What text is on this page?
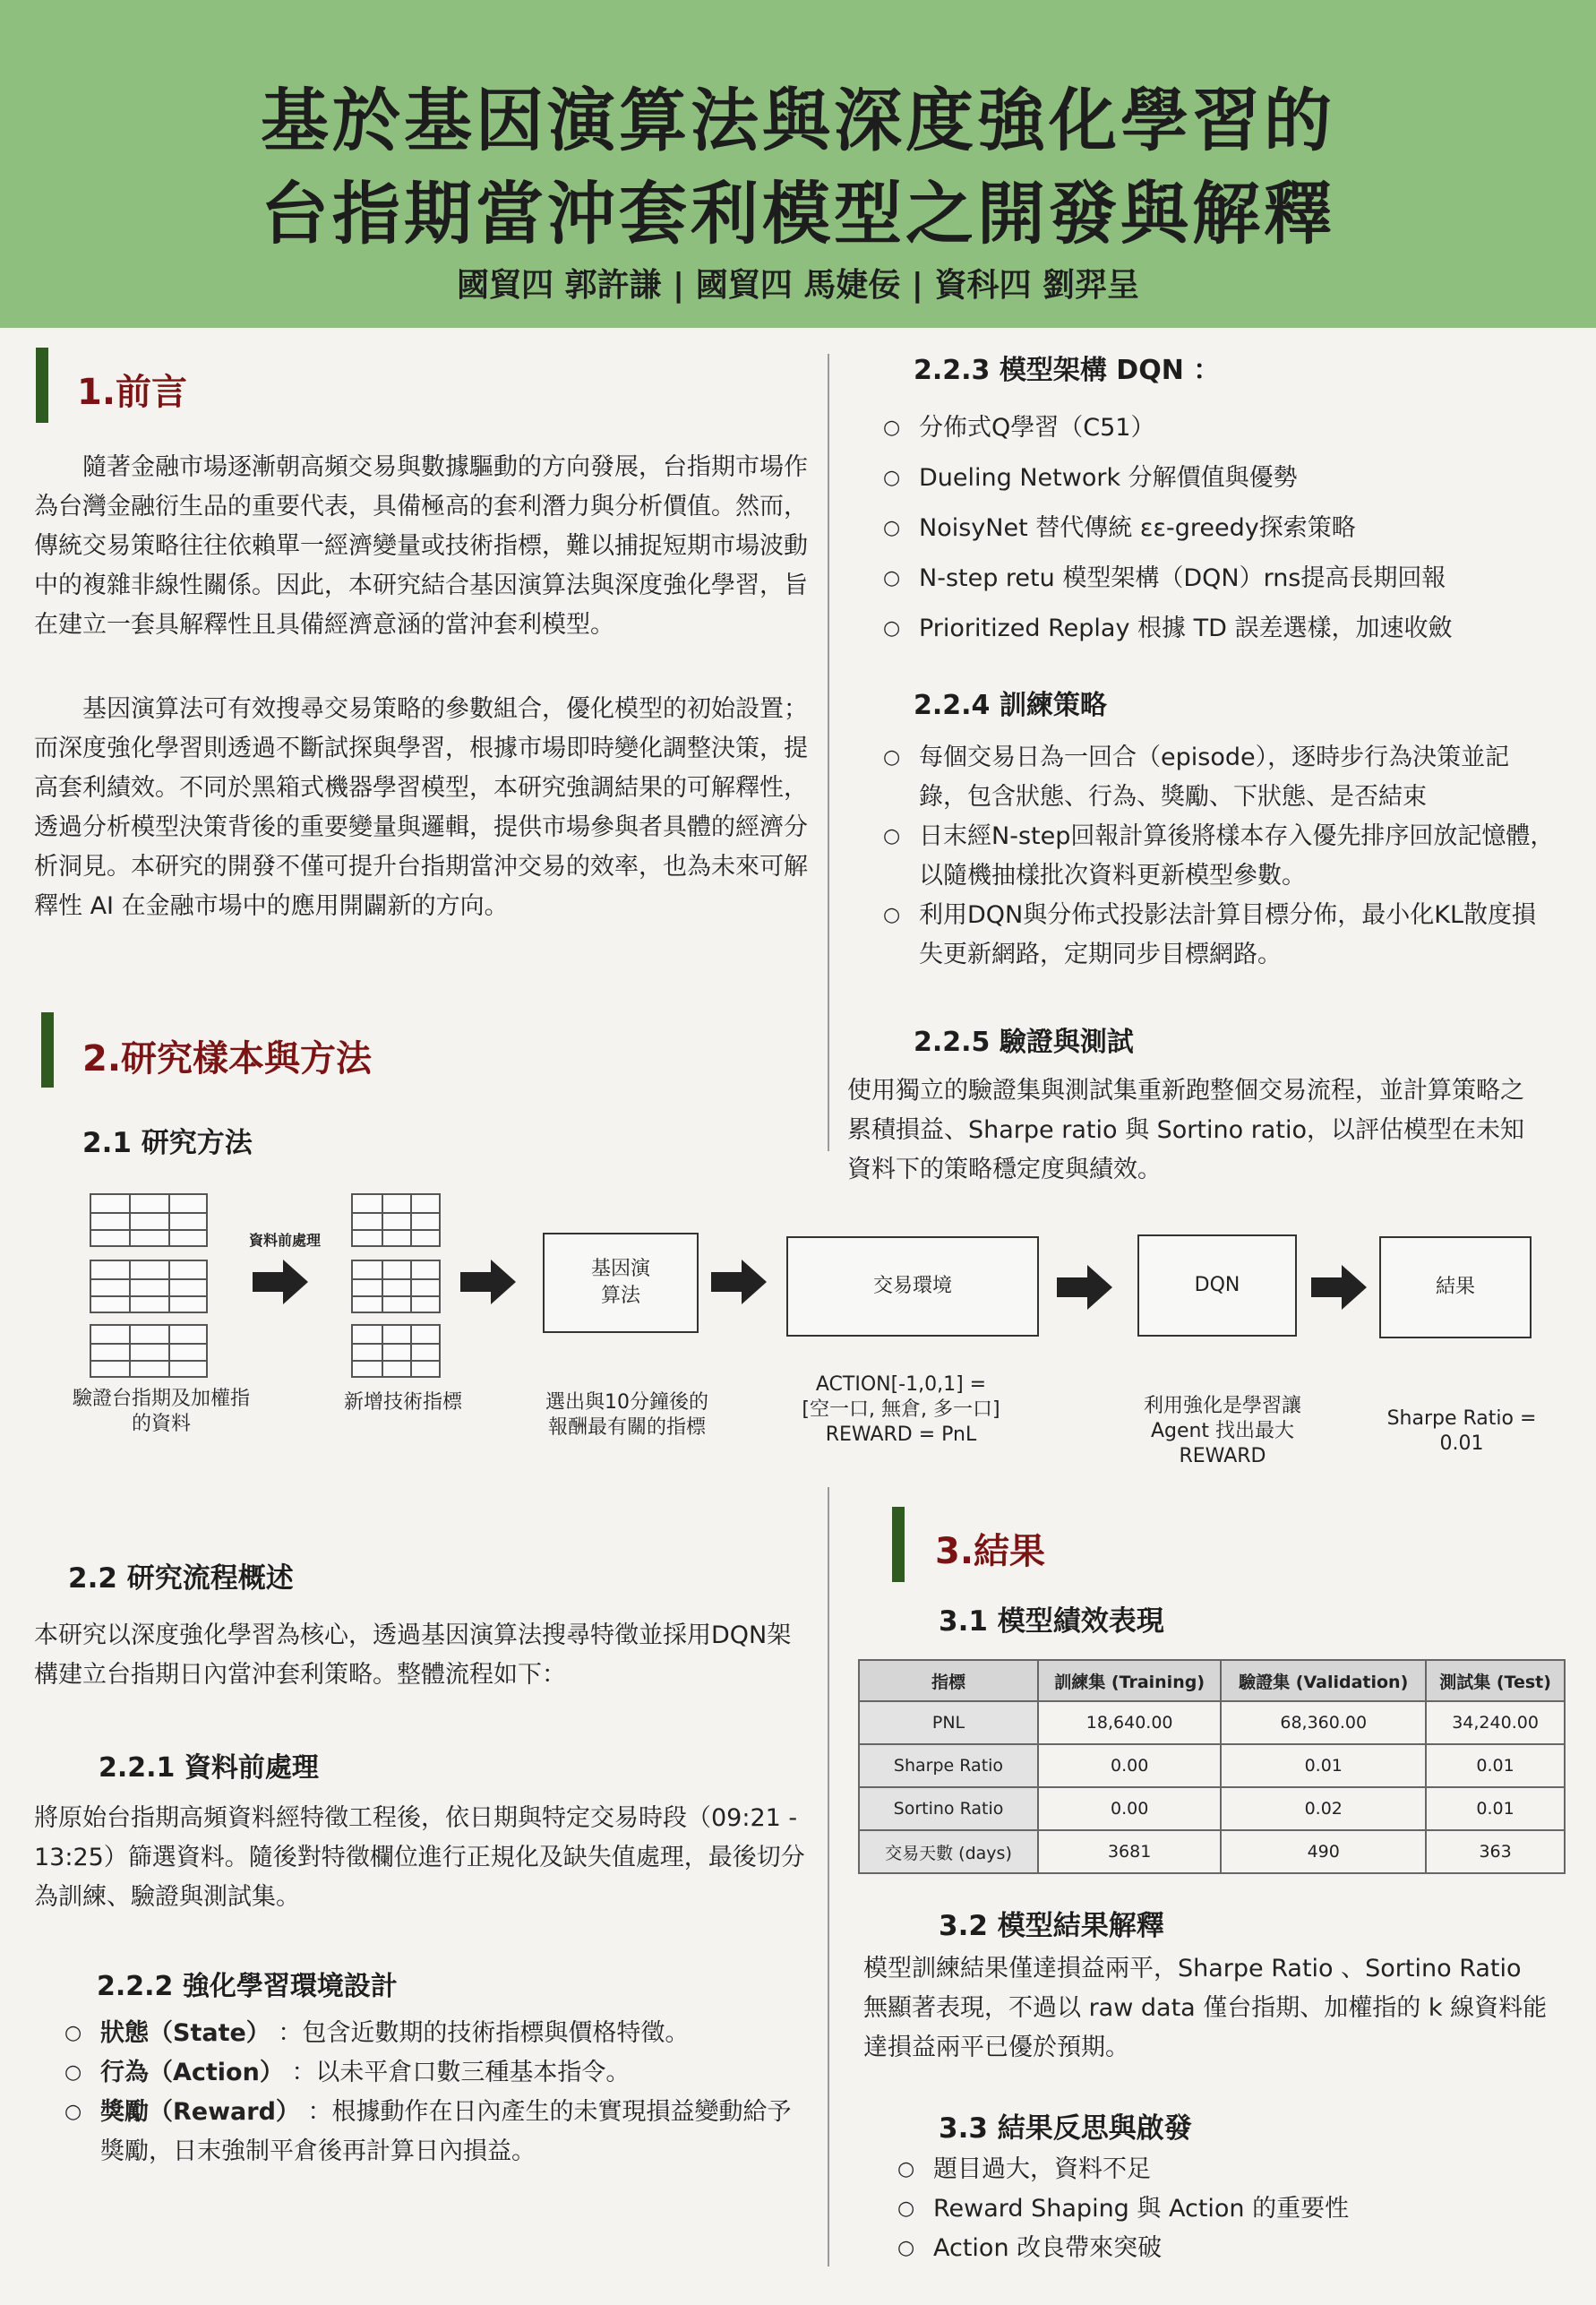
基於基因演算法與深度強化學習的
台指期當沖套利模型之開發與解釋
國貿四 郭許謙 | 國貿四 馬婕佞 | 資科四 劉羿呈
1.前言

隨著金融市場逐漸朝高頻交易與數據驅動的方向發展，台指期市場作為台灣金融衍生品的重要代表，具備極高的套利潛力與分析價值。然而，傳統交易策略往往依賴單一經濟變量或技術指標，難以捕捉短期市場波動中的複雜非線性關係。因此，本研究結合基因演算法與深度強化學習，旨在建立一套具解釋性且具備經濟意涵的當沖套利模型。

基因演算法可有效搜尋交易策略的參數組合，優化模型的初始設置；而深度強化學習則透過不斷試探與學習，根據市場即時變化調整決策，提高套利績效。不同於黑箱式機器學習模型，本研究強調結果的可解釋性，透過分析模型決策背後的重要變量與邏輯，提供市場參與者具體的經濟分析洞見。本研究的開發不僅可提升台指期當沖交易的效率，也為未來可解釋性 AI 在金融市場中的應用開闢新的方向。

2.研究樣本與方法
2.1 研究方法
資料前處理
基因演
算法	交易環境	DQN	結果
驗證台指期及加權指
的資料
新增技術指標	選出與10分鐘後的
報酬最有關的指標
ACTION[-1,0,1] =
[空一口, 無倉, 多一口]
REWARD = PnL
利用強化是學習讓
Agent 找出最大
REWARD
Sharpe Ratio =
0.01
2.2 研究流程概述

本研究以深度強化學習為核心，透過基因演算法搜尋特徵並採用DQN架構建立台指期日內當沖套利策略。整體流程如下：

2.2.1 資料前處理

將原始台指期高頻資料經特徵工程後，依日期與特定交易時段（09:21 - 13:25）篩選資料。隨後對特徵欄位進行正規化及缺失值處理，最後切分為訓練、驗證與測試集。

2.2.2 強化學習環境設計
○ 狀態（State） ：包含近數期的技術指標與價格特徵。
○ 行為（Action） ：以未平倉口數三種基本指令。
○ 獎勵（Reward） ：根據動作在日內產生的未實現損益變動給予獎勵，日末強制平倉後再計算日內損益。
2.2.3 模型架構 DQN ：
○ 分佈式Q學習（C51）
○ Dueling Network 分解價值與優勢
○ NoisyNet 替代傳統 εε-greedy探索策略
○ N-step retu 模型架構（DQN）rns提高長期回報
○ Prioritized Replay 根據 TD 誤差選樣，加速收斂
2.2.4 訓練策略
○ 每個交易日為一回合（episode），逐時步行為決策並記錄，包含狀態、行為、獎勵、下狀態、是否結束
○ 日末經N-step回報計算後將樣本存入優先排序回放記憶體，以隨機抽樣批次資料更新模型參數。
○ 利用DQN與分佈式投影法計算目標分佈，最小化KL散度損失更新網路，定期同步目標網路。
2.2.5 驗證與測試

使用獨立的驗證集與測試集重新跑整個交易流程，並計算策略之累積損益、Sharpe ratio 與 Sortino ratio，以評估模型在未知資料下的策略穩定度與績效。

3.結果
3.1 模型績效表現
指標	訓練集 (Training)	驗證集 (Validation)	測試集 (Test)
PNL	18,640.00	68,360.00	34,240.00
Sharpe Ratio	0.00	0.01	0.01
Sortino Ratio	0.00	0.02	0.01
交易天數 (days)	3681	490	363
3.2 模型結果解釋

模型訓練結果僅達損益兩平，Sharpe Ratio 、Sortino Ratio 無顯著表現，不過以 raw data 僅台指期、加權指的 k 線資料能達損益兩平已優於預期。

3.3 結果反思與啟發
○ 題目過大，資料不足
○ Reward Shaping 與 Action 的重要性
○ Action 改良帶來突破
